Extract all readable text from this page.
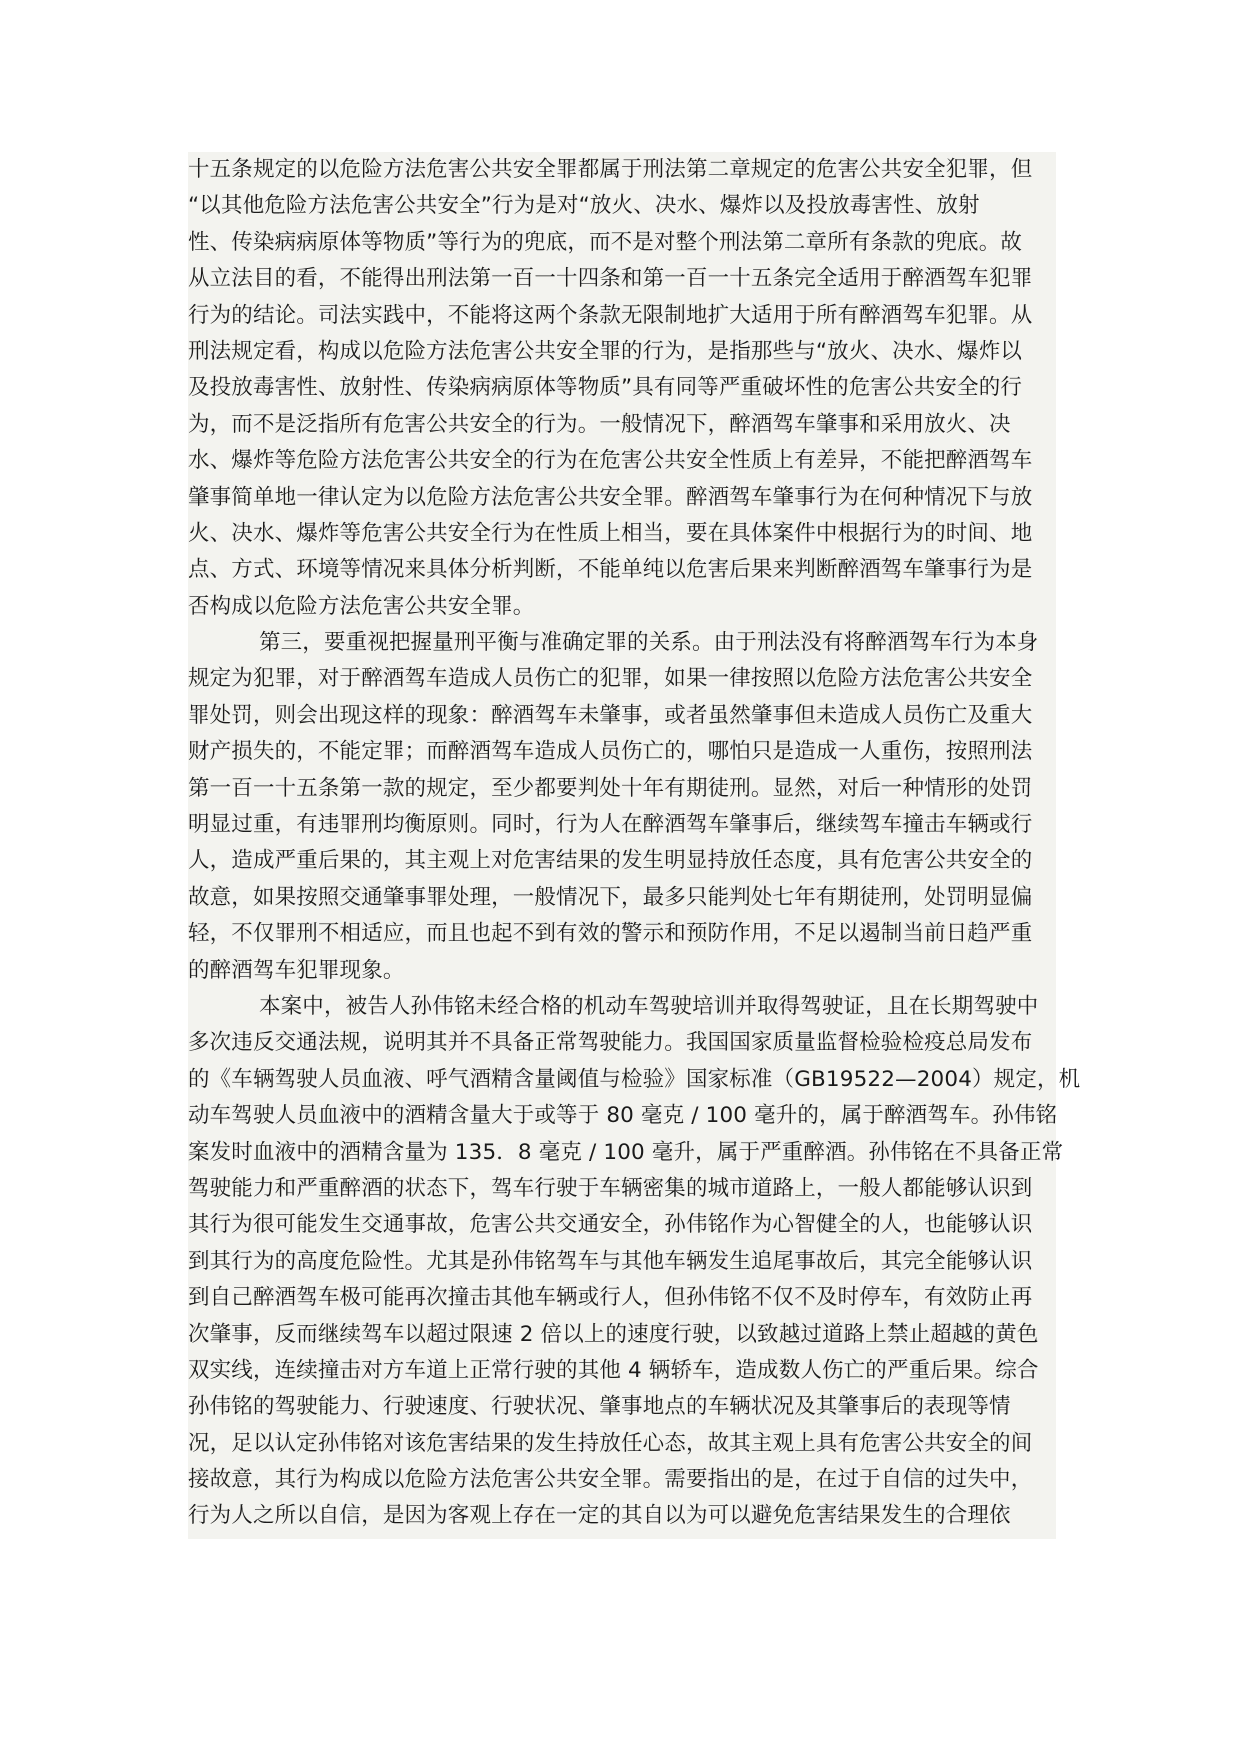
十五条规定的以危险方法危害公共安全罪都属于刑法第二章规定的危害公共安全犯罪，但
“以其他危险方法危害公共安全”行为是对“放火、决水、爆炸以及投放毒害性、放射
性、传染病病原体等物质”等行为的兜底，而不是对整个刑法第二章所有条款的兜底。故
从立法目的看，不能得出刑法第一百一十四条和第一百一十五条完全适用于醉酒驾车犯罪
行为的结论。司法实践中，不能将这两个条款无限制地扩大适用于所有醉酒驾车犯罪。从
刑法规定看，构成以危险方法危害公共安全罪的行为，是指那些与“放火、决水、爆炸以
及投放毒害性、放射性、传染病病原体等物质”具有同等严重破坏性的危害公共安全的行
为，而不是泛指所有危害公共安全的行为。一般情况下，醉酒驾车肇事和采用放火、决
水、爆炸等危险方法危害公共安全的行为在危害公共安全性质上有差异，不能把醉酒驾车
肇事简单地一律认定为以危险方法危害公共安全罪。醉酒驾车肇事行为在何种情况下与放
火、决水、爆炸等危害公共安全行为在性质上相当，要在具体案件中根据行为的时间、地
点、方式、环境等情况来具体分析判断，不能单纯以危害后果来判断醉酒驾车肇事行为是
否构成以危险方法危害公共安全罪。
第三，要重视把握量刑平衡与准确定罪的关系。由于刑法没有将醉酒驾车行为本身
规定为犯罪，对于醉酒驾车造成人员伤亡的犯罪，如果一律按照以危险方法危害公共安全
罪处罚，则会出现这样的现象：醉酒驾车未肇事，或者虽然肇事但未造成人员伤亡及重大
财产损失的，不能定罪；而醉酒驾车造成人员伤亡的，哪怕只是造成一人重伤，按照刑法
第一百一十五条第一款的规定，至少都要判处十年有期徒刑。显然，对后一种情形的处罚
明显过重，有违罪刑均衡原则。同时，行为人在醉酒驾车肇事后，继续驾车撞击车辆或行
人，造成严重后果的，其主观上对危害结果的发生明显持放任态度，具有危害公共安全的
故意，如果按照交通肇事罪处理，一般情况下，最多只能判处七年有期徒刑，处罚明显偏
轻，不仅罪刑不相适应，而且也起不到有效的警示和预防作用，不足以遏制当前日趋严重
的醉酒驾车犯罪现象。
本案中，被告人孙伟铭未经合格的机动车驾驶培训并取得驾驶证，且在长期驾驶中
多次违反交通法规，说明其并不具备正常驾驶能力。我国国家质量监督检验检疫总局发布
的《车辆驾驶人员血液、呼气酒精含量阈值与检验》国家标准（GB19522—2004）规定，机
动车驾驶人员血液中的酒精含量大于或等于 80 毫克 / 100 毫升的，属于醉酒驾车。孙伟铭
案发时血液中的酒精含量为 135．8 毫克 / 100 毫升，属于严重醉酒。孙伟铭在不具备正常
驾驶能力和严重醉酒的状态下，驾车行驶于车辆密集的城市道路上，一般人都能够认识到
其行为很可能发生交通事故，危害公共交通安全，孙伟铭作为心智健全的人，也能够认识
到其行为的高度危险性。尤其是孙伟铭驾车与其他车辆发生追尾事故后，其完全能够认识
到自己醉酒驾车极可能再次撞击其他车辆或行人，但孙伟铭不仅不及时停车，有效防止再
次肇事，反而继续驾车以超过限速 2 倍以上的速度行驶，以致越过道路上禁止超越的黄色
双实线，连续撞击对方车道上正常行驶的其他 4 辆轿车，造成数人伤亡的严重后果。综合
孙伟铭的驾驶能力、行驶速度、行驶状况、肇事地点的车辆状况及其肇事后的表现等情
况，足以认定孙伟铭对该危害结果的发生持放任心态，故其主观上具有危害公共安全的间
接故意，其行为构成以危险方法危害公共安全罪。需要指出的是，在过于自信的过失中，
行为人之所以自信，是因为客观上存在一定的其自以为可以避免危害结果发生的合理依
